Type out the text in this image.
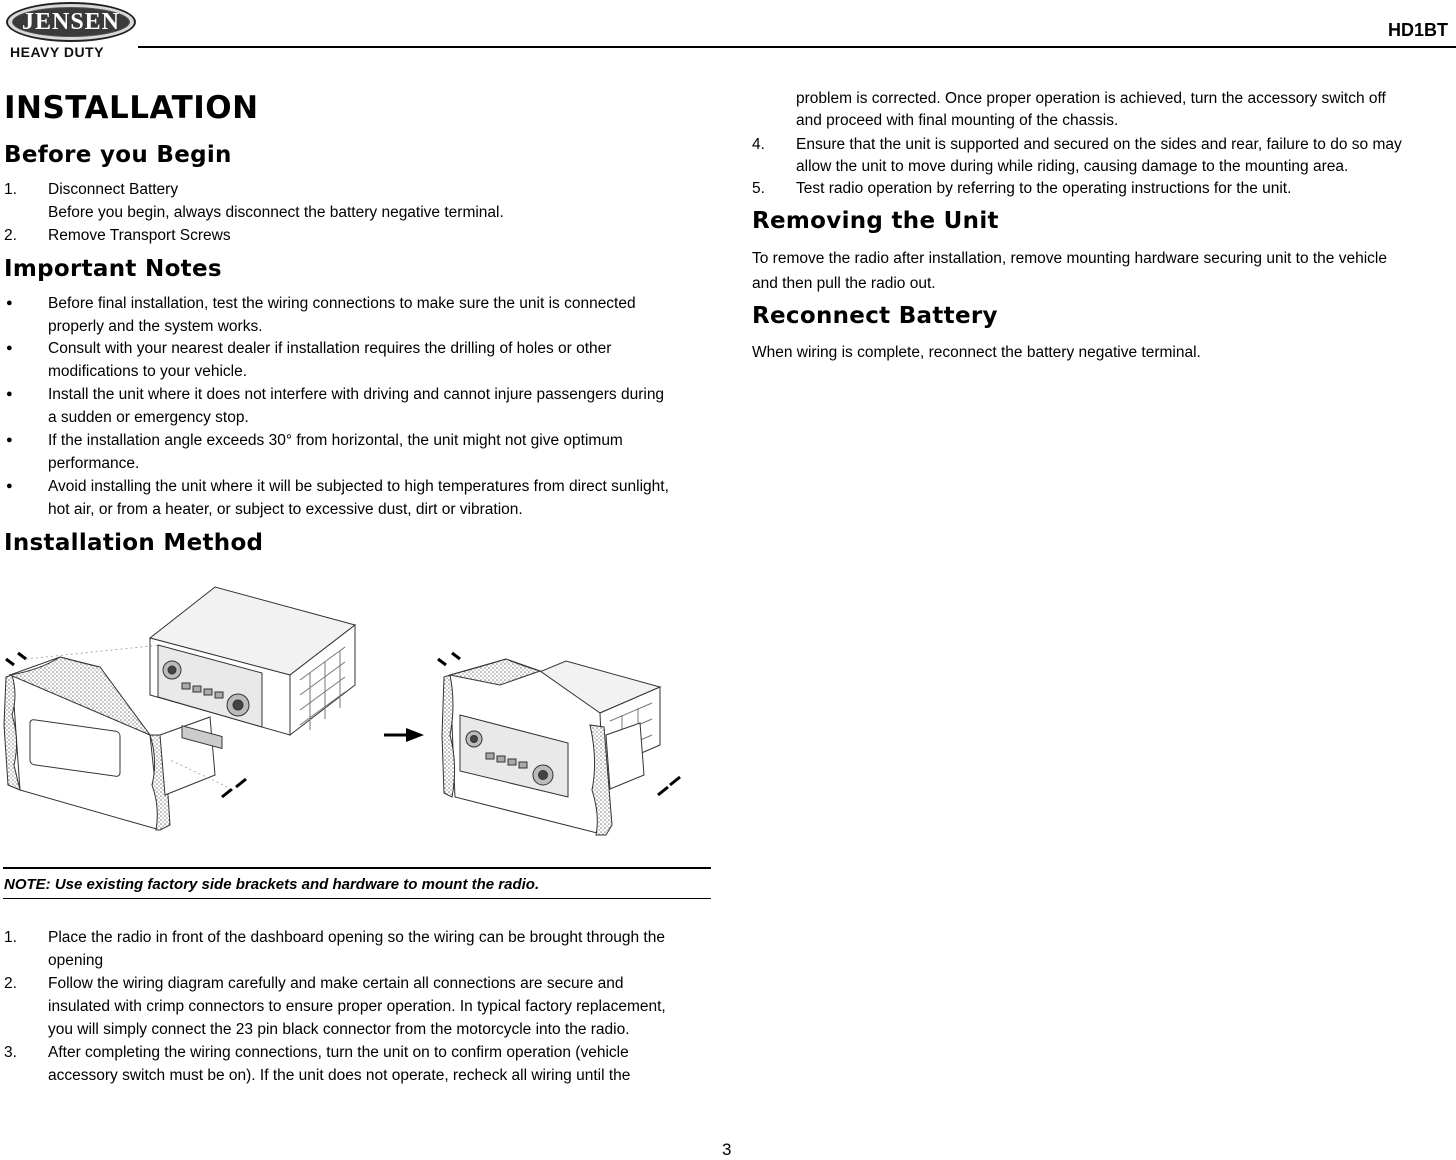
JENSEN
HEAVY DUTY
HD1BT
INSTALLATION
Before you Begin
1. Disconnect Battery
Before you begin, always disconnect the battery negative terminal.
2. Remove Transport Screws
Important Notes
● Before final installation, test the wiring connections to make sure the unit is connected
properly and the system works.
● Consult with your nearest dealer if installation requires the drilling of holes or other
modifications to your vehicle.
● Install the unit where it does not interfere with driving and cannot injure passengers during
a sudden or emergency stop.
● If the installation angle exceeds 30° from horizontal, the unit might not give optimum
performance.
● Avoid installing the unit where it will be subjected to high temperatures from direct sunlight,
hot air, or from a heater, or subject to excessive dust, dirt or vibration.
Installation Method
NOTE: Use existing factory side brackets and hardware to mount the radio.
1. Place the radio in front of the dashboard opening so the wiring can be brought through the
opening
2. Follow the wiring diagram carefully and make certain all connections are secure and
insulated with crimp connectors to ensure proper operation. In typical factory replacement,
you will simply connect the 23 pin black connector from the motorcycle into the radio.
3. After completing the wiring connections, turn the unit on to confirm operation (vehicle
accessory switch must be on). If the unit does not operate, recheck all wiring until the
problem is corrected. Once proper operation is achieved, turn the accessory switch off
and proceed with final mounting of the chassis.
4. Ensure that the unit is supported and secured on the sides and rear, failure to do so may
allow the unit to move during while riding, causing damage to the mounting area.
5. Test radio operation by referring to the operating instructions for the unit.
Removing the Unit
To remove the radio after installation, remove mounting hardware securing unit to the vehicle
and then pull the radio out.
Reconnect Battery
When wiring is complete, reconnect the battery negative terminal.
3
